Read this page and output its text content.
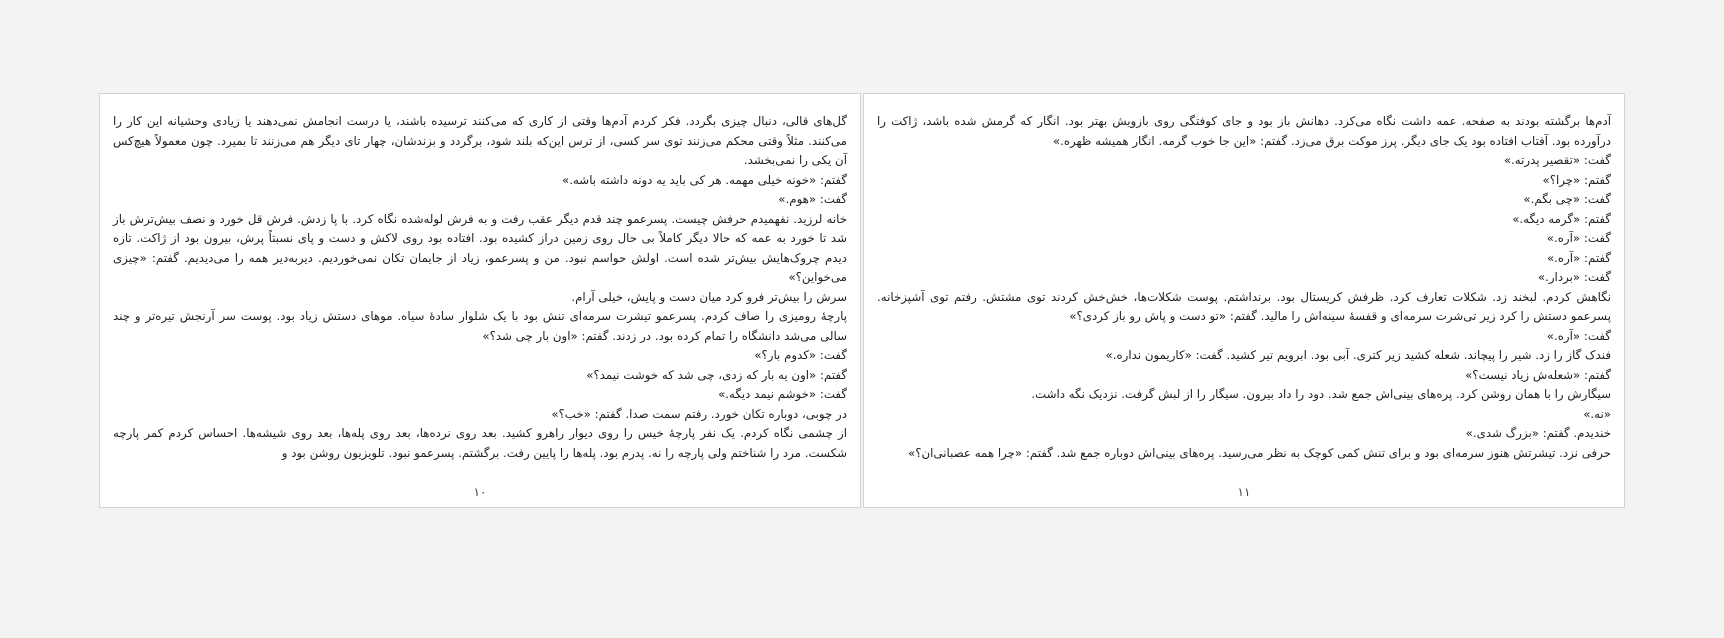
گل‌های قالی، دنبال چیزی بگردد. فکر کردم آدم‌ها وقتی از کاری که می‌کنند ترسیده باشند، یا درست انجامش نمی‌دهند یا زیادی وحشیانه این کار را می‌کنند. مثلاً وقتی محکم می‌زنند توی سر کسی، از ترس این‌که بلند شود، برگردد و بزندشان، چهار تای دیگر هم می‌زنند تا بمیرد. چون معمولاً هیچ‌کس آن یکی را نمی‌بخشد.

گفتم: «خونه خیلی مهمه. هر کی باید یه دونه داشته باشه.»

گفت: «هوم.»

خانه لرزید. نفهمیدم حرفش چیست. پسرعمو چند قدم دیگر عقب رفت و به فرش لوله‌شده نگاه کرد. با پا زدش. فرش قل خورد و نصف بیش‌ترش باز شد تا خورد به عمه که حالا دیگر کاملاً بی حال روی زمین دراز کشیده بود. افتاده بود روی لاکش و دست و پای نسبتاً پرش، بیرون بود از ژاکت. تازه دیدم چروک‌هایش بیش‌تر شده است. اولش حواسم نبود. من و پسرعمو، زیاد از جایمان تکان نمی‌خوردیم. دیربه‌دیر همه را می‌دیدیم. گفتم: «چیزی می‌خواین؟»

سرش را بیش‌تر فرو کرد میان دست و پایش، خیلی آرام.

پارچهٔ رومیزی را صاف کردم. پسرعمو تیشرت سرمه‌ای تنش بود با یک شلوار سادهٔ سیاه. موهای دستش زیاد بود. پوست سر آرنجش تیره‌تر و چند سالی می‌شد دانشگاه را تمام کرده بود. در زدند. گفتم: «اون بار چی شد؟»

گفت: «کدوم بار؟»

گفتم: «اون یه بار که زدی، چی شد که خوشت نیمد؟»

گفت: «خوشم نیمد دیگه.»

در چوبی، دوباره تکان خورد. رفتم سمت صدا. گفتم: «خب؟»

از چشمی نگاه کردم. یک نفر پارچهٔ خیس را روی دیوار راهرو کشید. بعد روی نرده‌ها، بعد روی پله‌ها، بعد روی شیشه‌ها. احساس کردم کمر پارچه شکست. مرد را شناختم ولی پارچه را نه. پدرم بود. پله‌ها را پایین رفت. برگشتم. پسرعمو نبود. تلویزیون روشن بود و

۱۰

آدم‌ها برگشته بودند به صفحه. عمه داشت نگاه می‌کرد. دهانش باز بود و جای کوفتگی روی بازویش بهتر بود. انگار که گرمش شده باشد، ژاکت را درآورده بود. آفتاب افتاده بود یک جای دیگر. پرز موکت برق می‌زد. گفتم: «این جا خوب گرمه. انگار همیشه ظهره.»

گفت: «تقصیر پدرته.»

گفتم: «چرا؟»

گفت: «چی بگم.»

گفتم: «گرمه دیگه.»

گفت: «آره.»

گفتم: «آره.»

گفت: «بردار.»

نگاهش کردم. لبخند زد. شکلات تعارف کرد. ظرفش کریستال بود. برنداشتم. پوست شکلات‌ها، خش‌خش کردند توی مشتش. رفتم توی آشپزخانه. پسرعمو دستش را کرد زیر تی‌شرت سرمه‌ای و قفسهٔ سینه‌اش را مالید. گفتم: «تو دست و پاش رو باز کردی؟»

گفت: «آره.»

فندک گاز را زد. شیر را پیچاند. شعله کشید زیر کتری. آبی بود. ابرویم تیر کشید. گفت: «کاریمون نداره.»

گفتم: «شعله‌ش زیاد نیست؟»

سیگارش را با همان روشن کرد. پره‌های بینی‌اش جمع شد. دود را داد بیرون. سیگار را از لبش گرفت. نزدیک نگه داشت.

«نه.»

خندیدم. گفتم: «بزرگ شدی.»

حرفی نزد. تیشرتش هنوز سرمه‌ای بود و برای تنش کمی کوچک به نظر می‌رسید. پره‌های بینی‌اش دوباره جمع شد. گفتم: «چرا همه عصبانی‌ان؟»

۱۱
